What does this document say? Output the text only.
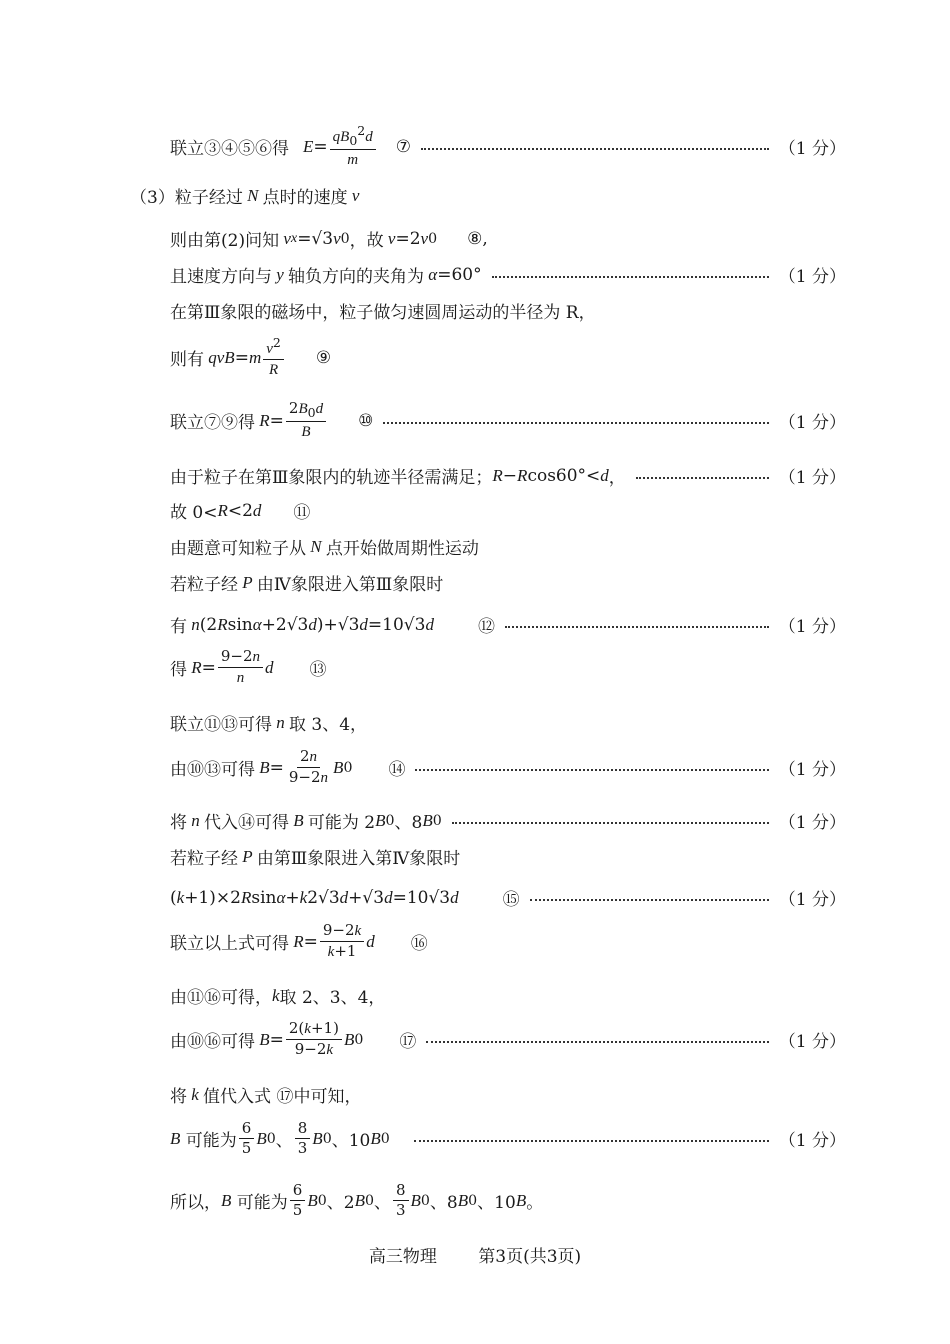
联立③④⑤⑥得 $E= \frac{qB_0^2d}{m}$ ⑦	（1 分）
（3）粒子经过 N 点时的速度 v
则由第(2)问知 v x =√3 v 0 ，故 v =2 v 0 ⑧,
且速度方向与 y 轴负方向的夹角为 α =60°	（1 分）
在第Ⅲ象限的磁场中，粒子做匀速圆周运动的半径为 R，
则有 qvB = m $\frac{v^2}{R}$ ⑨
联立⑦⑨得 $R = \frac{2B_0d}{B}$ ⑩	（1 分）
由于粒子在第Ⅲ象限内的轨迹半径需满足； R − R cos60°< d ，	（1 分）
故 0< R <2 d ⑪
由题意可知粒子从 N 点开始做周期性运动
若粒子经 P 由Ⅳ象限进入第Ⅲ象限时
有 n (2 R sin α +2√3 d )+√3 d =10√3 d	⑫	（1 分）
得 $R = \frac{9-2n}{n}$ d ⑬
联立⑪⑬可得 n 取 3、4，
由⑩⑬可得 $B = \frac{2n}{9-2n}$ B 0 ⑭	（1 分）
将 n 代入⑭可得 B 可能为 2 B 0 、8 B 0	（1 分）
若粒子经 P 由第Ⅲ象限进入第Ⅳ象限时
( k +1)×2 R sin α + k 2√3 d +√3 d =10√3 d	⑮	（1 分）
联立以上式可得 $R = \frac{9-2k}{k+1}$ d ⑯
由⑪⑯可得， k 取 2、3、4，
由⑩⑯可得 $B = \frac{2(k+1)}{9-2k}$ B 0 ⑰	（1 分）
将 k 值代入式 ⑰中可知，
B 可能为 $\frac{6}{5}$ B 0 、 $\frac{8}{3}$ B 0 、10 B 0	（1 分）
所以， B 可能为 $\frac{6}{5}$ B 0 、2 B 0 、 $\frac{8}{3}$ B 0 、8 B 0 、10 B 。
高三物理 第3页(共3页)
